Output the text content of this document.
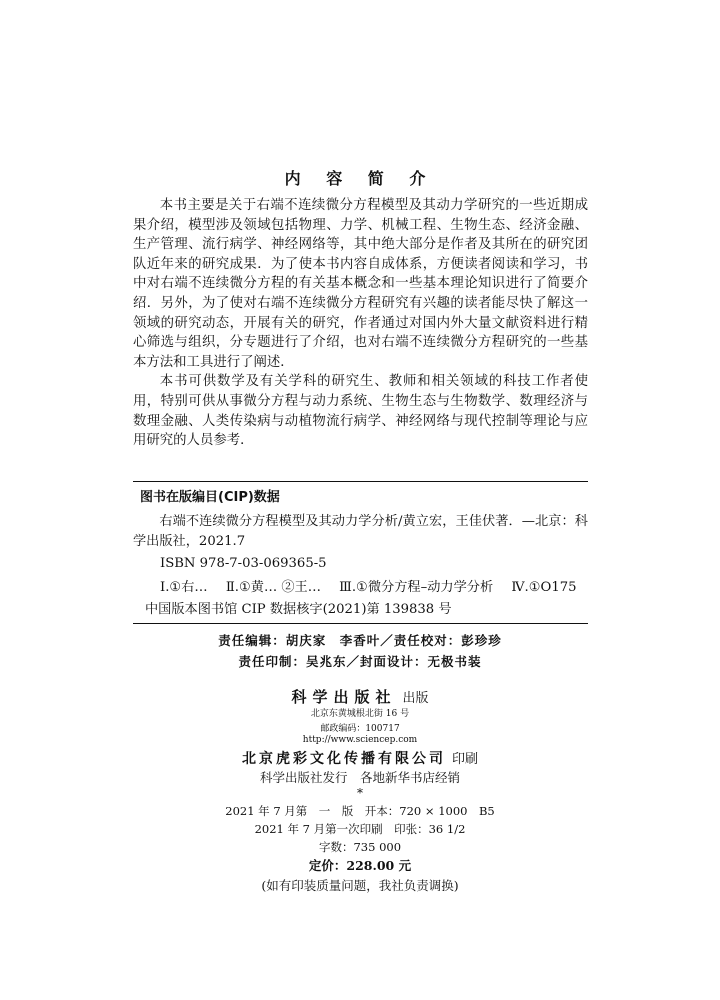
内 容 简 介

本书主要是关于右端不连续微分方程模型及其动力学研究的一些近期成果介绍，模型涉及领域包括物理、力学、机械工程、生物生态、经济金融、生产管理、流行病学、神经网络等，其中绝大部分是作者及其所在的研究团队近年来的研究成果．为了使本书内容自成体系，方便读者阅读和学习，书中对右端不连续微分方程的有关基本概念和一些基本理论知识进行了简要介绍．另外，为了使对右端不连续微分方程研究有兴趣的读者能尽快了解这一领域的研究动态，开展有关的研究，作者通过对国内外大量文献资料进行精心筛选与组织，分专题进行了介绍，也对右端不连续微分方程研究的一些基本方法和工具进行了阐述．

本书可供数学及有关学科的研究生、教师和相关领域的科技工作者使用，特别可供从事微分方程与动力系统、生物生态与生物数学、数理经济与数理金融、人类传染病与动植物流行病学、神经网络与现代控制等理论与应用研究的人员参考．

图书在版编目(CIP)数据
右端不连续微分方程模型及其动力学分析/黄立宏，王佳伏著．—北京：科学出版社，2021.7
ISBN 978-7-03-069365-5
Ⅰ.①右… Ⅱ.①黄… ②王… Ⅲ.①微分方程–动力学分析 Ⅳ.①O175
中国版本图书馆 CIP 数据核字(2021)第 139838 号
责任编辑：胡庆家　李香叶／责任校对：彭珍珍
责任印制：吴兆东／封面设计：无极书装
科学出版社 出版
北京东黄城根北街 16 号
邮政编码：100717
http://www.sciencep.com
北京虎彩文化传播有限公司 印刷
科学出版社发行　各地新华书店经销
*
2021 年 7 月第　一　版　开本：720 × 1000　B5
2021 年 7 月第一次印刷　印张：36 1/2
字数：735 000
定价：228.00 元
(如有印装质量问题，我社负责调换)
